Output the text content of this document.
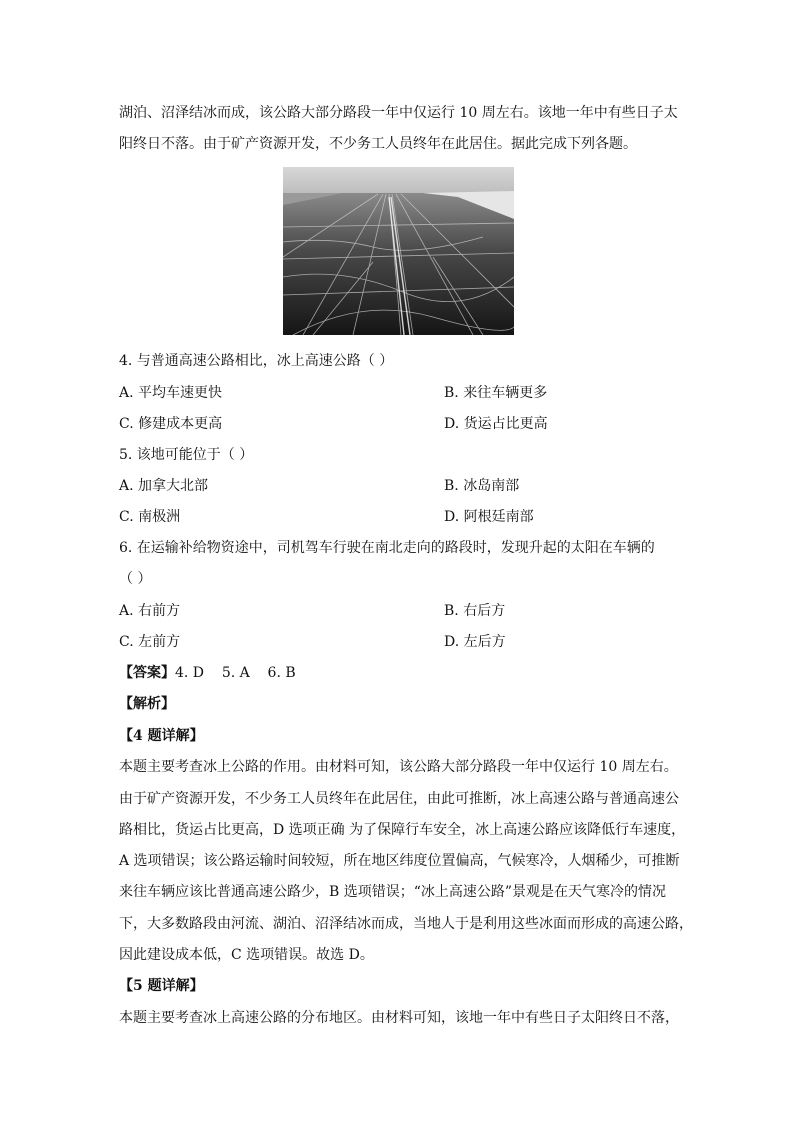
湖泊、沼泽结冰而成，该公路大部分路段一年中仅运行 10 周左右。该地一年中有些日子太
阳终日不落。由于矿产资源开发，不少务工人员终年在此居住。据此完成下列各题。
4. 与普通高速公路相比，冰上高速公路（ ）
A. 平均车速更快	B. 来往车辆更多
C. 修建成本更高	D. 货运占比更高
5. 该地可能位于（ ）
A. 加拿大北部	B. 冰岛南部
C. 南极洲	D. 阿根廷南部
6. 在运输补给物资途中，司机驾车行驶在南北走向的路段时，发现升起的太阳在车辆的
（ ）
A. 右前方	B. 右后方
C. 左前方	D. 左后方
【答案】4. D    5. A    6. B
【解析】
【4 题详解】
本题主要考查冰上公路的作用。由材料可知，该公路大部分路段一年中仅运行 10 周左右。
由于矿产资源开发，不少务工人员终年在此居住，由此可推断，冰上高速公路与普通高速公
路相比，货运占比更高，D 选项正确 为了保障行车安全，冰上高速公路应该降低行车速度，
A 选项错误；该公路运输时间较短，所在地区纬度位置偏高，气候寒冷，人烟稀少，可推断
来往车辆应该比普通高速公路少，B 选项错误；“冰上高速公路”景观是在天气寒冷的情况
下，大多数路段由河流、湖泊、沼泽结冰而成，当地人于是利用这些冰面而形成的高速公路，
因此建设成本低，C 选项错误。故选 D。
【5 题详解】
本题主要考查冰上高速公路的分布地区。由材料可知，该地一年中有些日子太阳终日不落，
